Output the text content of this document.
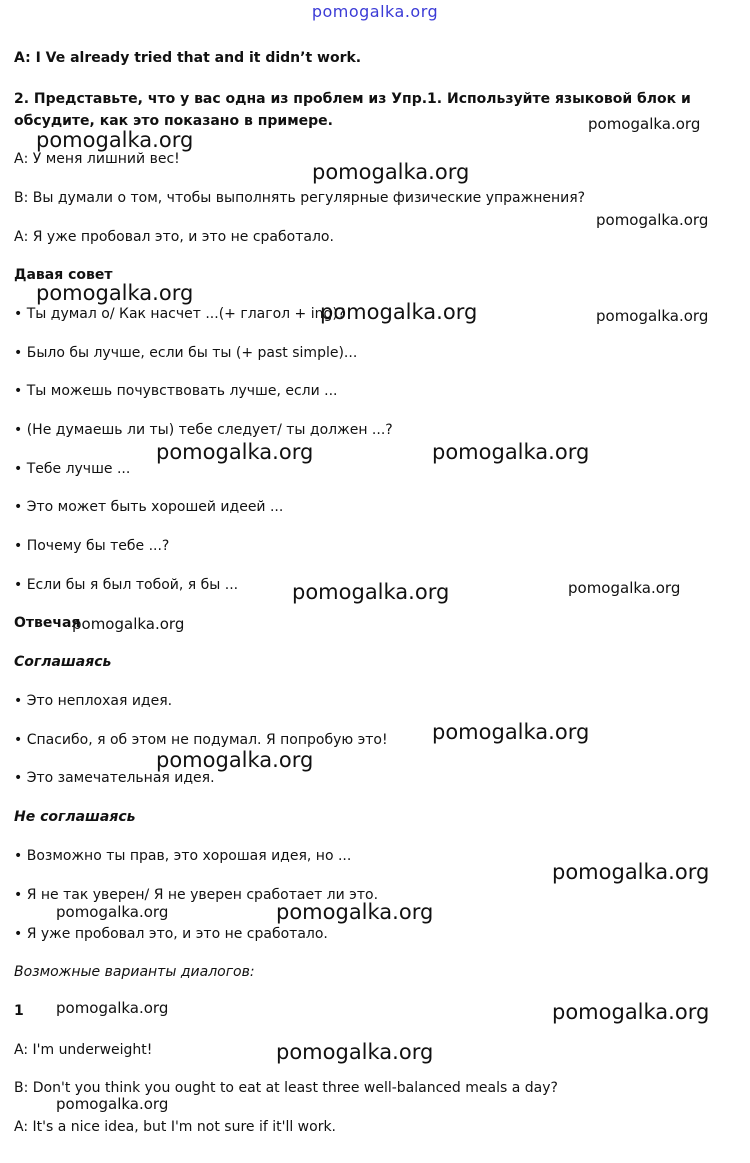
pomogalka.org
A: I Ve already tried that and it didn’t work.
2. Представьте, что у вас одна из проблем из Упр.1. Используйте языковой блок и обсудите, как это показано в примере.
А: У меня лишний вес!
B: Вы думали о том, чтобы выполнять регулярные физические упражнения?
А: Я уже пробовал это, и это не сработало.
Давая совет
• Ты думал о/ Как насчет ...(+ глагол + ing)?
• Было бы лучше, если бы ты (+ past simple)...
• Ты можешь почувствовать лучше, если ...
• (Не думаешь ли ты) тебе следует/ ты должен ...?
• Тебе лучше ...
• Это может быть хорошей идеей ...
• Почему бы тебе ...?
• Если бы я был тобой, я бы ...
Отвечая
Соглашаясь
• Это неплохая идея.
• Спасибо, я об этом не подумал. Я попробую это!
• Это замечательная идея.
Не соглашаясь
• Возможно ты прав, это хорошая идея, но ...
• Я не так уверен/ Я не уверен сработает ли это.
• Я уже пробовал это, и это не сработало.
Возможные варианты диалогов:
1
A: I'm underweight!
B: Don't you think you ought to eat at least three well-balanced meals a day?
A: It's a nice idea, but I'm not sure if it'll work.
pomogalka.org
pomogalka.org
pomogalka.org
pomogalka.org
pomogalka.org
pomogalka.org	pomogalka.org
pomogalka.org	pomogalka.org
pomogalka.org	pomogalka.org
pomogalka.org
pomogalka.org
pomogalka.org
pomogalka.org
pomogalka.org	pomogalka.org
pomogalka.org	pomogalka.org
pomogalka.org
pomogalka.org
